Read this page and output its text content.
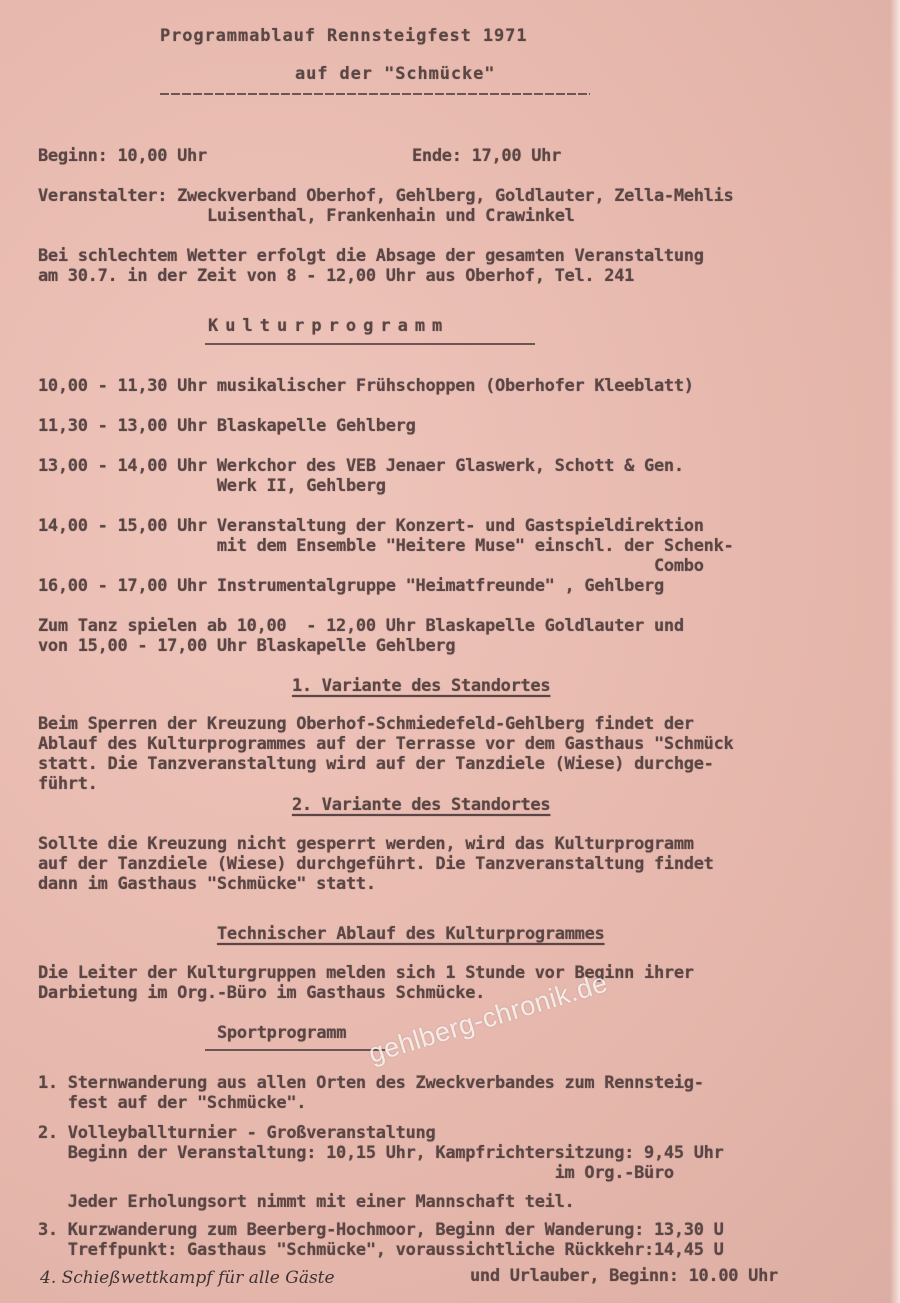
Programmablauf Rennsteigfest 1971
auf der "Schmücke"
Beginn: 10,00 Uhr	Ende: 17,00 Uhr
Veranstalter: Zweckverband Oberhof, Gehlberg, Goldlauter, Zella-Mehlis
Luisenthal, Frankenhain und Crawinkel
Bei schlechtem Wetter erfolgt die Absage der gesamten Veranstaltung
am 30.7. in der Zeit von 8 - 12,00 Uhr aus Oberhof, Tel. 241
Kulturprogramm
10,00 - 11,30 Uhr musikalischer Frühschoppen (Oberhofer Kleeblatt)
11,30 - 13,00 Uhr Blaskapelle Gehlberg
13,00 - 14,00 Uhr Werkchor des VEB Jenaer Glaswerk, Schott & Gen.
Werk II, Gehlberg
14,00 - 15,00 Uhr Veranstaltung der Konzert- und Gastspieldirektion
mit dem Ensemble "Heitere Muse" einschl. der Schenk-
Combo
16,00 - 17,00 Uhr Instrumentalgruppe "Heimatfreunde" , Gehlberg
Zum Tanz spielen ab 10,00  - 12,00 Uhr Blaskapelle Goldlauter und
von 15,00 - 17,00 Uhr Blaskapelle Gehlberg
1. Variante des Standortes
Beim Sperren der Kreuzung Oberhof-Schmiedefeld-Gehlberg findet der
Ablauf des Kulturprogrammes auf der Terrasse vor dem Gasthaus "Schmück
statt. Die Tanzveranstaltung wird auf der Tanzdiele (Wiese) durchge-
führt.
2. Variante des Standortes
Sollte die Kreuzung nicht gesperrt werden, wird das Kulturprogramm
auf der Tanzdiele (Wiese) durchgeführt. Die Tanzveranstaltung findet
dann im Gasthaus "Schmücke" statt.
Technischer Ablauf des Kulturprogrammes
Die Leiter der Kulturgruppen melden sich 1 Stunde vor Beginn ihrer
Darbietung im Org.-Büro im Gasthaus Schmücke.
Sportprogramm
1. Sternwanderung aus allen Orten des Zweckverbandes zum Rennsteig-
fest auf der "Schmücke".
2. Volleyballturnier - Großveranstaltung
Beginn der Veranstaltung: 10,15 Uhr, Kampfrichtersitzung: 9,45 Uhr
im Org.-Büro
Jeder Erholungsort nimmt mit einer Mannschaft teil.
3. Kurzwanderung zum Beerberg-Hochmoor, Beginn der Wanderung: 13,30 U
Treffpunkt: Gasthaus "Schmücke", voraussichtliche Rückkehr:14,45 U
4. Schießwettkampf für alle Gäste	und Urlauber, Beginn: 10.00 Uhr
gehlberg-chronik.de
